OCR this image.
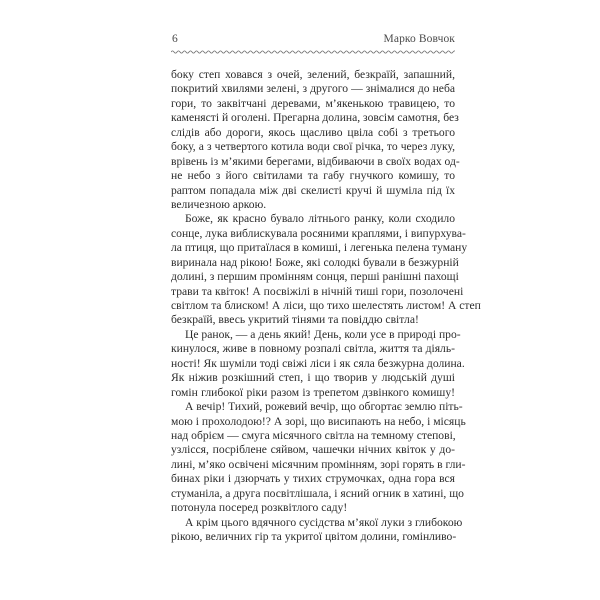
6	Марко Вовчок
боку степ ховався з очей, зелений, безкраїй, запашний,
покритий хвилями зелені, з другого — знімалися до неба
гори, то заквітчані деревами, м’якенькою травицею, то
каменясті й оголені. Прегарна долина, зовсім самотня, без
слідів або дороги, якось щасливо цвіла собі з третього
боку, а з четвертого котила води свої річка, то через луку,
врівень із м’якими берегами, відбиваючи в своїх водах од-
не небо з його світилами та габу гнучкого комишу, то
раптом попадала між дві скелисті кручі й шуміла під їх
величезною аркою.
Боже, як красно бувало літнього ранку, коли сходило
сонце, лука виблискувала росяними краплями, і випурхува-
ла птиця, що притаїлася в комиші, і легенька пелена туману
виринала над рікою! Боже, які солодкі бували в безжурній
долині, з першим промінням сонця, перші ранішні пахощі
трави та квіток! А посвіжілі в нічній тиші гори, позолочені
світлом та блиском! А ліси, що тихо шелестять листом! А степ
безкраїй, ввесь укритий тінями та повіддю світла!
Це ранок, — а день який! День, коли усе в природі про-
кинулося, живе в повному розпалі світла, життя та діяль-
ності! Як шуміли тоді свіжі ліси і як сяла безжурна долина.
Як ніжив розкішний степ, і що творив у людській душі
гомін глибокої ріки разом із трепетом дзвінкого комишу!
А вечір! Тихий, рожевий вечір, що обгортає землю піть-
мою і прохолодою!? А зорі, що висипають на небо, і місяць
над обрієм — смуга місячного світла на темному степові,
узлісся, посріблене сяйвом, чашечки нічних квіток у до-
лині, м’яко освічені місячним промінням, зорі горять в гли-
бинах ріки і дзюрчать у тихих струмочках, одна гора вся
стуманіла, а друга посвітлішала, і ясний огник в хатині, що
потонула посеред розквітлого саду!
А крім цього вдячного сусідства м’якої луки з глибокою
рікою, величних гір та укритої цвітом долини, гомінливо-
